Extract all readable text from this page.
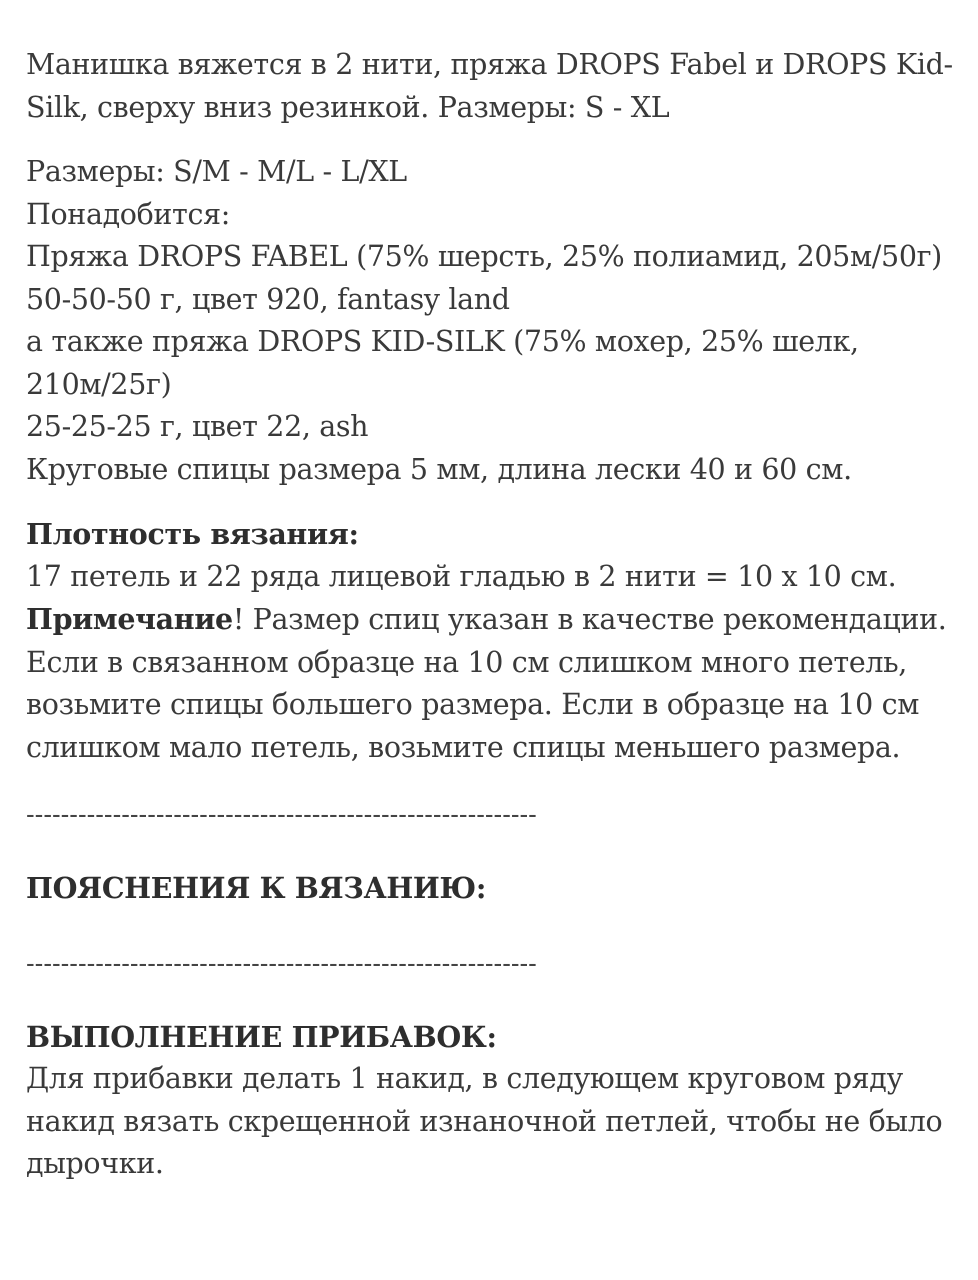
Манишка вяжется в 2 нити, пряжа DROPS Fabel и DROPS Kid-Silk, сверху вниз резинкой. Размеры: S - XL

Размеры: S/M - M/L - L/XL
Понадобится:
Пряжа DROPS FABEL (75% шерсть, 25% полиамид, 205м/50г)
50-50-50 г, цвет 920, fantasy land
а также пряжа DROPS KID-SILK (75% мохер, 25% шелк, 210м/25г)
25-25-25 г, цвет 22, ash
Круговые спицы размера 5 мм, длина лески 40 и 60 см.
Плотность вязания:
17 петель и 22 ряда лицевой гладью в 2 нити = 10 х 10 см.
Примечание! Размер спиц указан в качестве рекомендации. Если в связанном образце на 10 см слишком много петель, возьмите спицы большего размера. Если в образце на 10 см слишком мало петель, возьмите спицы меньшего размера.
-----------------------------------------------------------
ПОЯСНЕНИЯ К ВЯЗАНИЮ:
-----------------------------------------------------------
ВЫПОЛНЕНИЕ ПРИБАВОК:
Для прибавки делать 1 накид, в следующем круговом ряду накид вязать скрещенной изнаночной петлей, чтобы не было дырочки.
